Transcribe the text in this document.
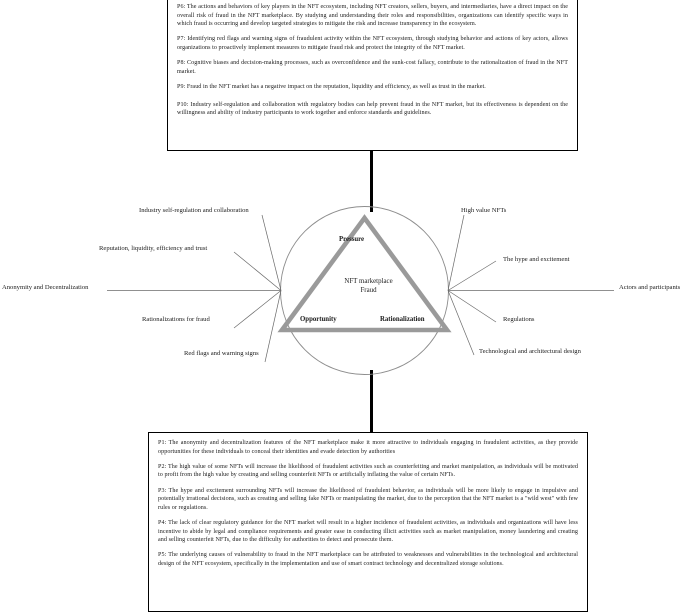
P6: The actions and behaviors of key players in the NFT ecosystem, including NFT creators, sellers, buyers, and intermediaries, have a direct impact on the overall risk of fraud in the NFT marketplace. By studying and understanding their roles and responsibilities, organizations can identify specific ways in which fraud is occurring and develop targeted strategies to mitigate the risk and increase transparency in the ecosystem.

P7: Identifying red flags and warning signs of fraudulent activity within the NFT ecosystem, through studying behavior and actions of key actors, allows organizations to proactively implement measures to mitigate fraud risk and protect the integrity of the NFT market.

P8: Cognitive biases and decision-making processes, such as overconfidence and the sunk-cost fallacy, contribute to the rationalization of fraud in the NFT market.

P9: Fraud in the NFT market has a negative impact on the reputation, liquidity and efficiency, as well as trust in the market.

P10: Industry self-regulation and collaboration with regulatory bodies can help prevent fraud in the NFT market, but its effectiveness is dependent on the willingness and ability of industry participants to work together and enforce standards and guidelines.

Pressure
Opportunity	Rationalization
NFT marketplace
Fraud
Industry self-regulation and collaboration
Reputation, liquidity, efficiency and trust
Anonymity and Decentralization
Rationalizations for fraud
Red flags and warning signs
High value NFTs
The hype and excitement
Actors and participants
Regulations
Technological and architectural design

P1: The anonymity and decentralization features of the NFT marketplace make it more attractive to individuals engaging in fraudulent activities, as they provide opportunities for these individuals to conceal their identities and evade detection by authorities

P2: The high value of some NFTs will increase the likelihood of fraudulent activities such as counterfeiting and market manipulation, as individuals will be motivated to profit from the high value by creating and selling counterfeit NFTs or artificially inflating the value of certain NFTs.

P3: The hype and excitement surrounding NFTs will increase the likelihood of fraudulent behavior, as individuals will be more likely to engage in impulsive and potentially irrational decisions, such as creating and selling fake NFTs or manipulating the market, due to the perception that the NFT market is a "wild west" with few rules or regulations.

P4: The lack of clear regulatory guidance for the NFT market will result in a higher incidence of fraudulent activities, as individuals and organizations will have less incentive to abide by legal and compliance requirements and greater ease in conducting illicit activities such as market manipulation, money laundering and creating and selling counterfeit NFTs, due to the difficulty for authorities to detect and prosecute them.

P5: The underlying causes of vulnerability to fraud in the NFT marketplace can be attributed to weaknesses and vulnerabilities in the technological and architectural design of the NFT ecosystem, specifically in the implementation and use of smart contract technology and decentralized storage solutions.
